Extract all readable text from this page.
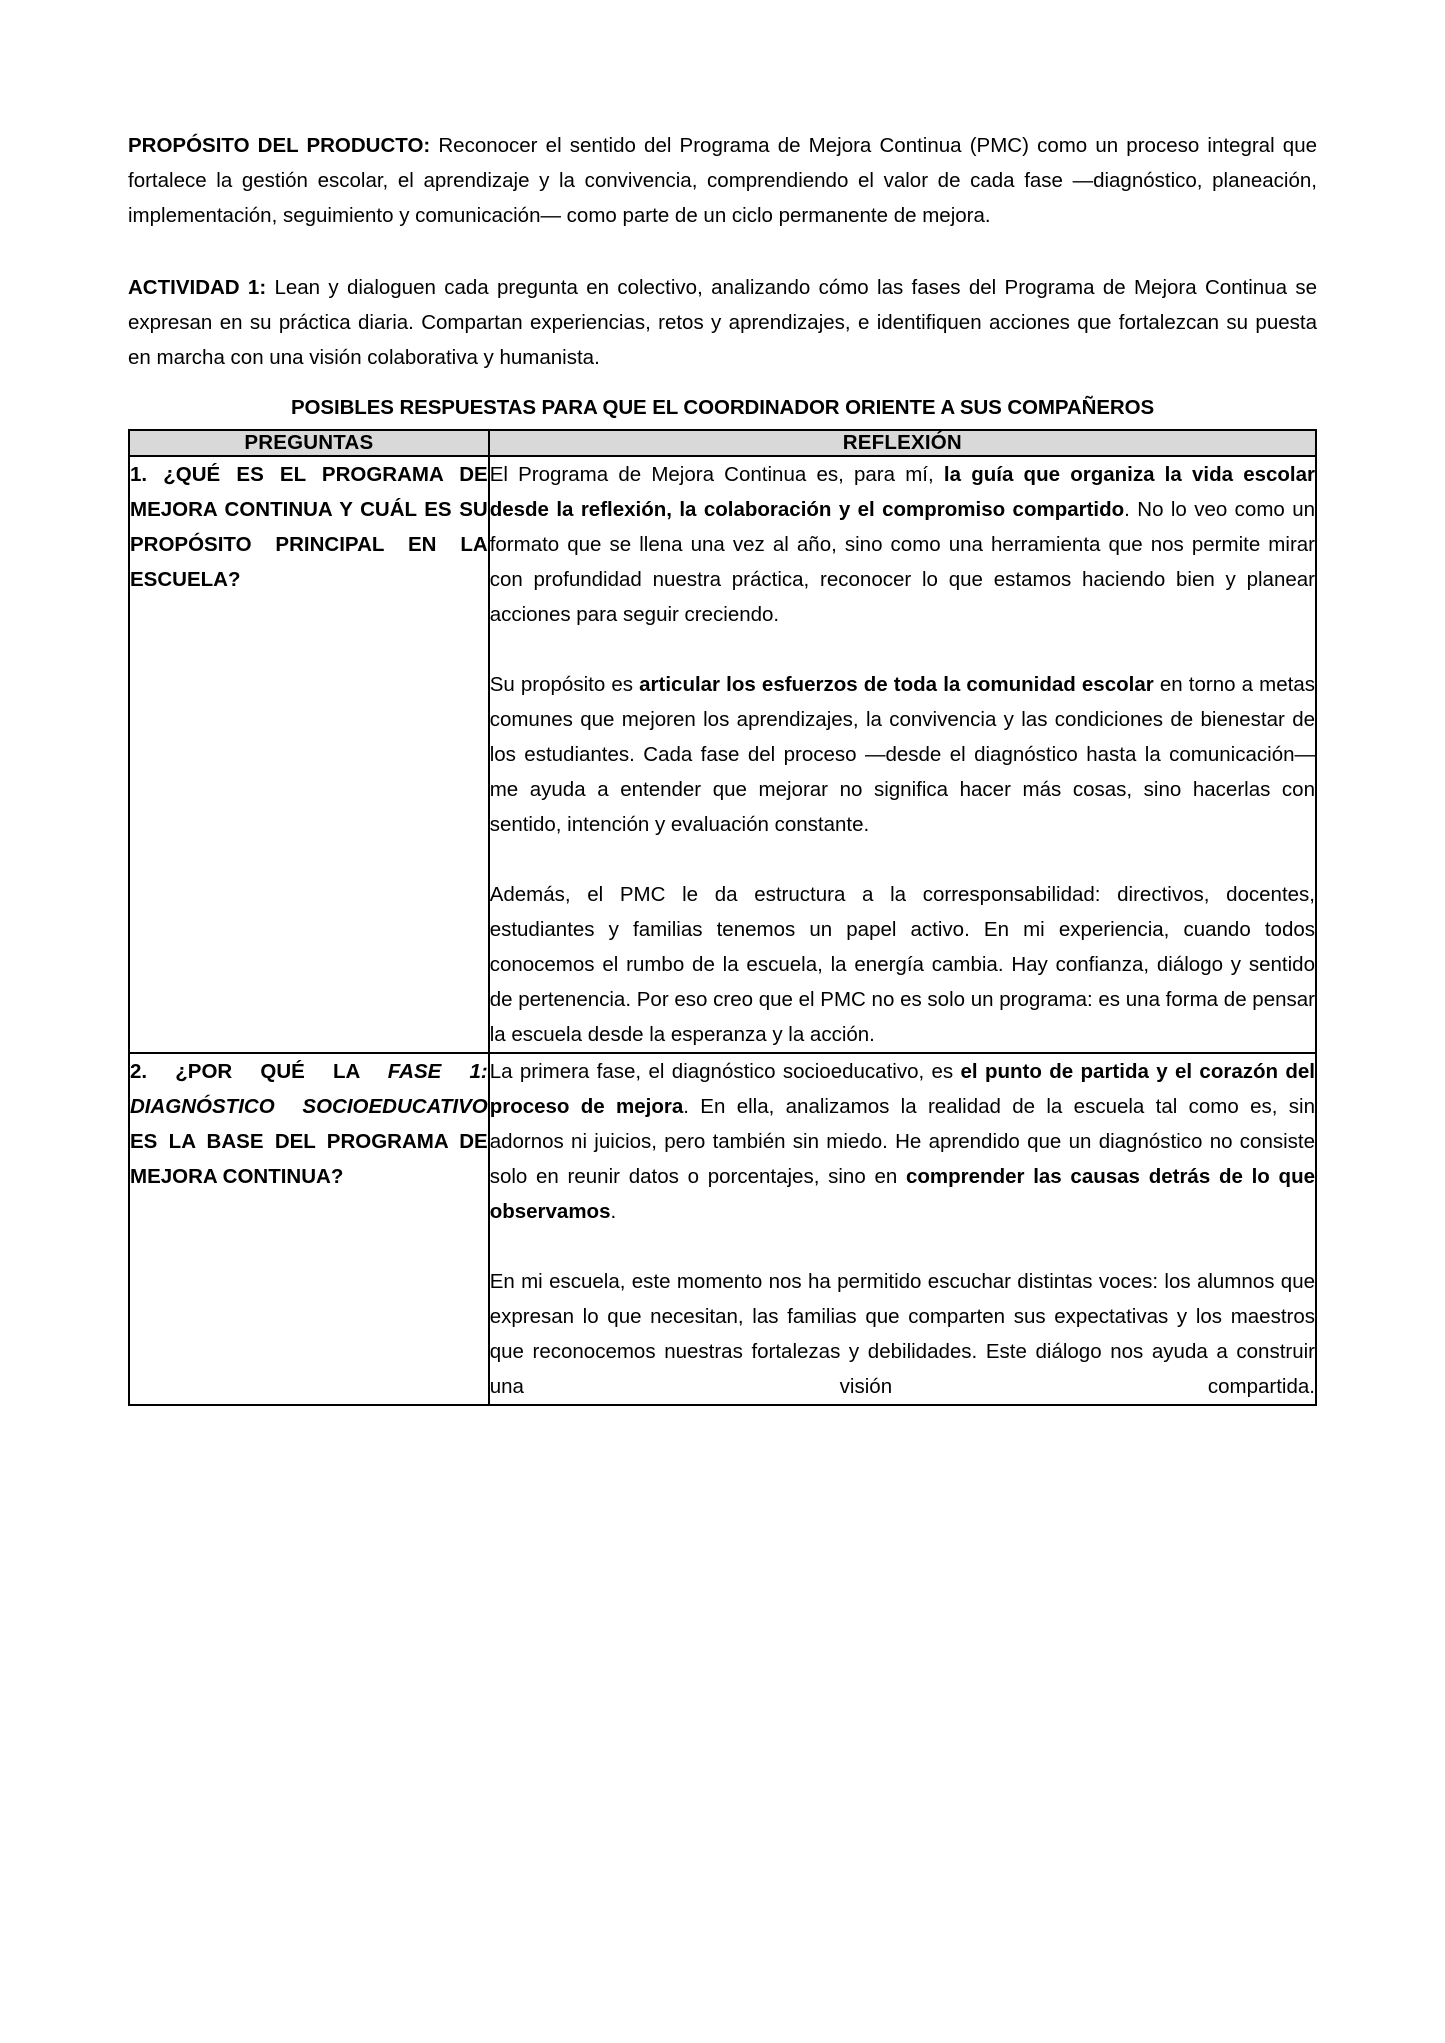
PROPÓSITO DEL PRODUCTO: Reconocer el sentido del Programa de Mejora Continua (PMC) como un proceso integral que fortalece la gestión escolar, el aprendizaje y la convivencia, comprendiendo el valor de cada fase —diagnóstico, planeación, implementación, seguimiento y comunicación— como parte de un ciclo permanente de mejora.

ACTIVIDAD 1: Lean y dialoguen cada pregunta en colectivo, analizando cómo las fases del Programa de Mejora Continua se expresan en su práctica diaria. Compartan experiencias, retos y aprendizajes, e identifiquen acciones que fortalezcan su puesta en marcha con una visión colaborativa y humanista.

POSIBLES RESPUESTAS PARA QUE EL COORDINADOR ORIENTE A SUS COMPAÑEROS
PREGUNTAS	REFLEXIÓN

1. ¿QUÉ ES EL PROGRAMA DE MEJORA CONTINUA Y CUÁL ES SU PROPÓSITO PRINCIPAL EN LA ESCUELA?	El Programa de Mejora Continua es, para mí, la guía que organiza la vida escolar desde la reflexión, la colaboración y el compromiso compartido. No lo veo como un formato que se llena una vez al año, sino como una herramienta que nos permite mirar con profundidad nuestra práctica, reconocer lo que estamos haciendo bien y planear acciones para seguir creciendo.

Su propósito es articular los esfuerzos de toda la comunidad escolar en torno a metas comunes que mejoren los aprendizajes, la convivencia y las condiciones de bienestar de los estudiantes. Cada fase del proceso —desde el diagnóstico hasta la comunicación— me ayuda a entender que mejorar no significa hacer más cosas, sino hacerlas con sentido, intención y evaluación constante.

Además, el PMC le da estructura a la corresponsabilidad: directivos, docentes, estudiantes y familias tenemos un papel activo. En mi experiencia, cuando todos conocemos el rumbo de la escuela, la energía cambia. Hay confianza, diálogo y sentido de pertenencia. Por eso creo que el PMC no es solo un programa: es una forma de pensar la escuela desde la esperanza y la acción.

2. ¿POR QUÉ LA FASE 1: DIAGNÓSTICO SOCIOEDUCATIVO ES LA BASE DEL PROGRAMA DE MEJORA CONTINUA?	La primera fase, el diagnóstico socioeducativo, es el punto de partida y el corazón del proceso de mejora. En ella, analizamos la realidad de la escuela tal como es, sin adornos ni juicios, pero también sin miedo. He aprendido que un diagnóstico no consiste solo en reunir datos o porcentajes, sino en comprender las causas detrás de lo que observamos.

En mi escuela, este momento nos ha permitido escuchar distintas voces: los alumnos que expresan lo que necesitan, las familias que comparten sus expectativas y los maestros que reconocemos nuestras fortalezas y debilidades. Este diálogo nos ayuda a construir una visión compartida.
